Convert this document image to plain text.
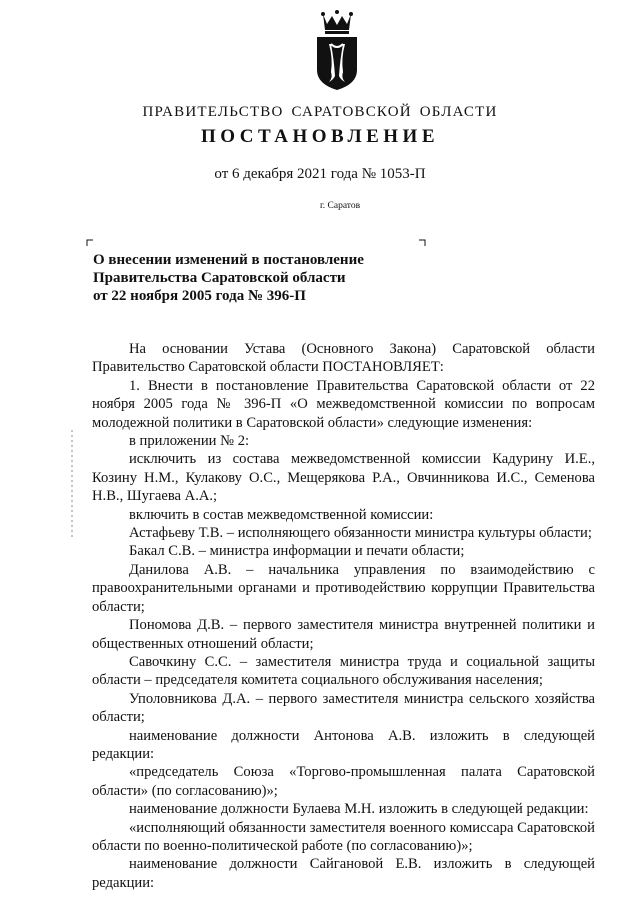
ПРАВИТЕЛЬСТВО САРАТОВСКОЙ ОБЛАСТИ
ПОСТАНОВЛЕНИЕ
от 6 декабря 2021 года № 1053-П
г. Саратов
О внесении изменений в постановление
Правительства Саратовской области
от 22 ноября 2005 года № 396-П

На основании Устава (Основного Закона) Саратовской области Правительство Саратовской области ПОСТАНОВЛЯЕТ:

1. Внести в постановление Правительства Саратовской области от 22 ноября 2005 года № 396-П «О межведомственной комиссии по вопросам молодежной политики в Саратовской области» следующие изменения:

в приложении № 2:

исключить из состава межведомственной комиссии Кадурину И.Е., Козину Н.М., Кулакову О.С., Мещерякова Р.А., Овчинникова И.С., Семенова Н.В., Шугаева А.А.;

включить в состав межведомственной комиссии:

Астафьеву Т.В. – исполняющего обязанности министра культуры области;

Бакал С.В. – министра информации и печати области;

Данилова А.В. – начальника управления по взаимодействию с правоохранительными органами и противодействию коррупции Правительства области;

Пономова Д.В. – первого заместителя министра внутренней политики и общественных отношений области;

Савочкину С.С. – заместителя министра труда и социальной защиты области – председателя комитета социального обслуживания населения;

Уполовникова Д.А. – первого заместителя министра сельского хозяйства области;

наименование должности Антонова А.В. изложить в следующей редакции:

«председатель Союза «Торгово-промышленная палата Саратовской области» (по согласованию)»;

наименование должности Булаева М.Н. изложить в следующей редакции:

«исполняющий обязанности заместителя военного комиссара Саратовской области по военно-политической работе (по согласованию)»;

наименование должности Сайгановой Е.В. изложить в следующей редакции:
